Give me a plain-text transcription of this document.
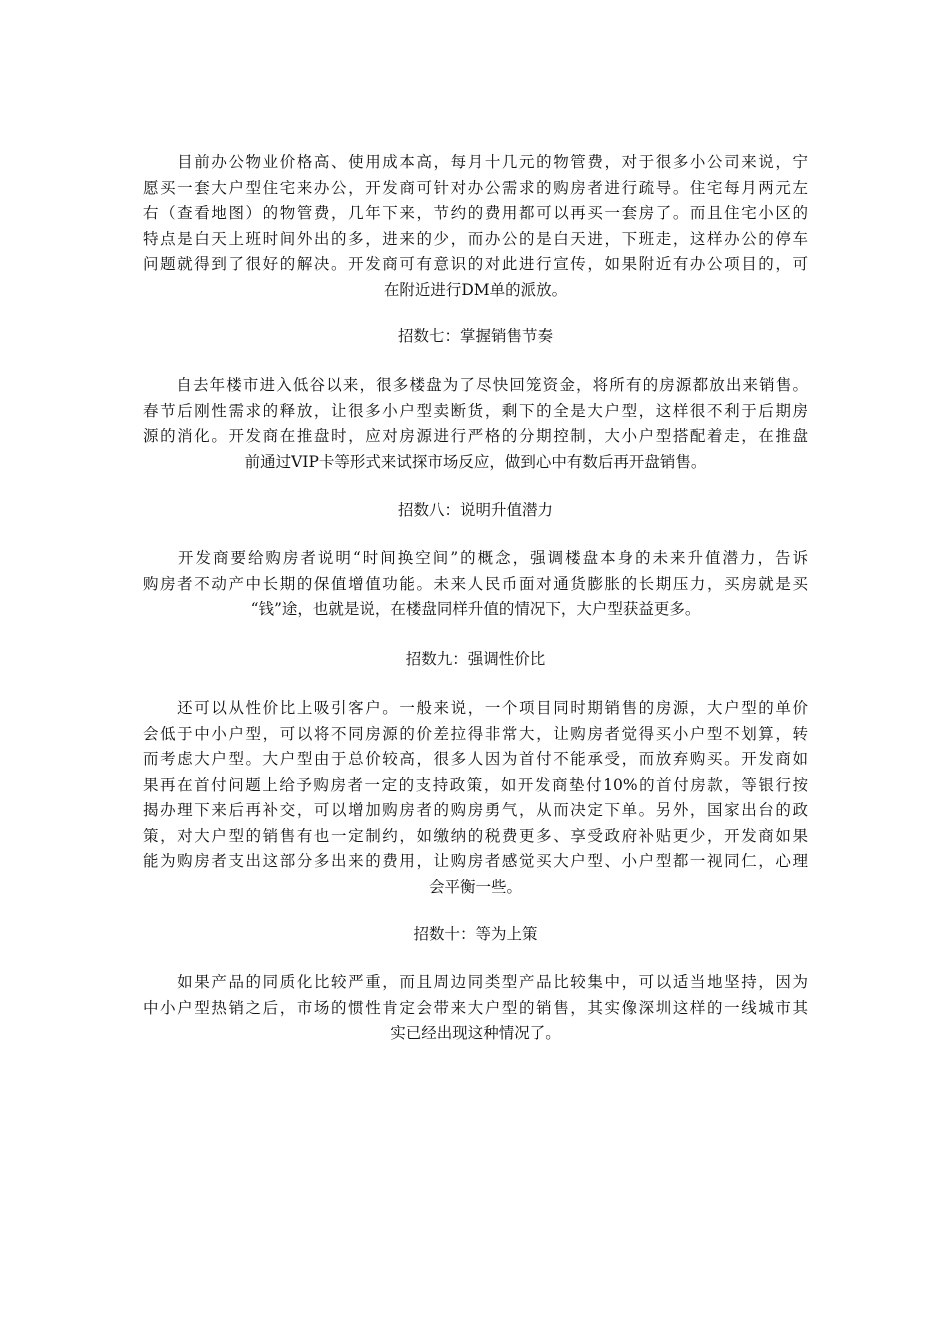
　　目前办公物业价格高、使用成本高，每月十几元的物管费，对于很多小公司来说，宁
愿买一套大户型住宅来办公，开发商可针对办公需求的购房者进行疏导。住宅每月两元左
右（查看地图）的物管费，几年下来，节约的费用都可以再买一套房了。而且住宅小区的
特点是白天上班时间外出的多，进来的少，而办公的是白天进，下班走，这样办公的停车
问题就得到了很好的解决。开发商可有意识的对此进行宣传，如果附近有办公项目的，可
在附近进行DM单的派放。
招数七：掌握销售节奏
　　自去年楼市进入低谷以来，很多楼盘为了尽快回笼资金，将所有的房源都放出来销售。
春节后刚性需求的释放，让很多小户型卖断货，剩下的全是大户型，这样很不利于后期房
源的消化。开发商在推盘时，应对房源进行严格的分期控制，大小户型搭配着走，在推盘
前通过VIP卡等形式来试探市场反应，做到心中有数后再开盘销售。
招数八：说明升值潜力
　　开发商要给购房者说明“时间换空间”的概念，强调楼盘本身的未来升值潜力，告诉
购房者不动产中长期的保值增值功能。未来人民币面对通货膨胀的长期压力，买房就是买
“钱”途，也就是说，在楼盘同样升值的情况下，大户型获益更多。
招数九：强调性价比
　　还可以从性价比上吸引客户。一般来说，一个项目同时期销售的房源，大户型的单价
会低于中小户型，可以将不同房源的价差拉得非常大，让购房者觉得买小户型不划算，转
而考虑大户型。大户型由于总价较高，很多人因为首付不能承受，而放弃购买。开发商如
果再在首付问题上给予购房者一定的支持政策，如开发商垫付10%的首付房款，等银行按
揭办理下来后再补交，可以增加购房者的购房勇气，从而决定下单。另外，国家出台的政
策，对大户型的销售有也一定制约，如缴纳的税费更多、享受政府补贴更少，开发商如果
能为购房者支出这部分多出来的费用，让购房者感觉买大户型、小户型都一视同仁，心理
会平衡一些。
招数十：等为上策
　　如果产品的同质化比较严重，而且周边同类型产品比较集中，可以适当地坚持，因为
中小户型热销之后，市场的惯性肯定会带来大户型的销售，其实像深圳这样的一线城市其
实已经出现这种情况了。
